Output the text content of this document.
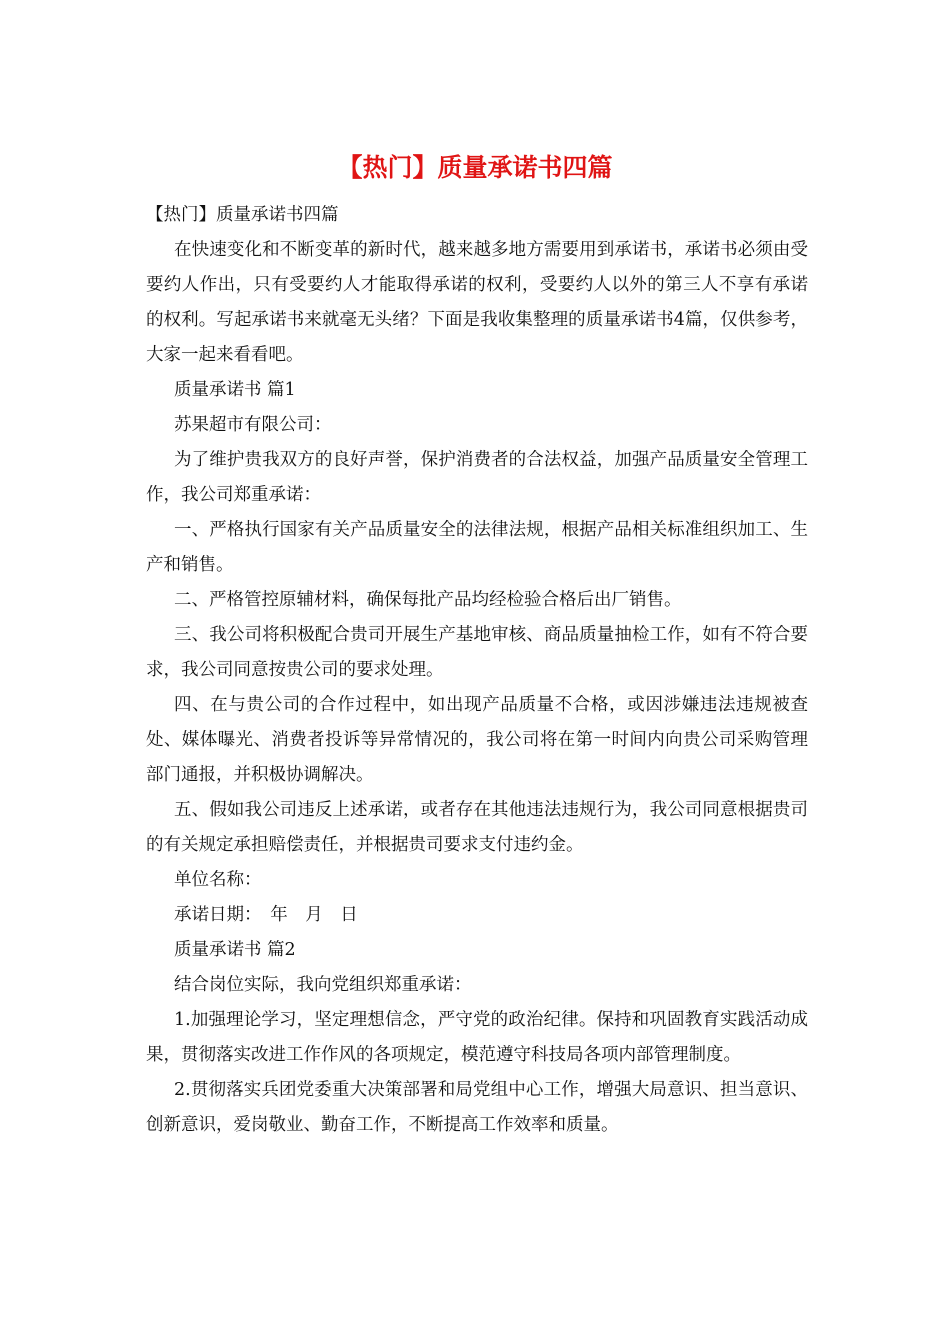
【热门】质量承诺书四篇

【热门】质量承诺书四篇

在快速变化和不断变革的新时代，越来越多地方需要用到承诺书，承诺书必须由受要约人作出，只有受要约人才能取得承诺的权利，受要约人以外的第三人不享有承诺的权利。写起承诺书来就毫无头绪？下面是我收集整理的质量承诺书4篇，仅供参考，大家一起来看看吧。

质量承诺书 篇1

苏果超市有限公司：

为了维护贵我双方的良好声誉，保护消费者的合法权益，加强产品质量安全管理工作，我公司郑重承诺：

一、严格执行国家有关产品质量安全的法律法规，根据产品相关标准组织加工、生产和销售。

二、严格管控原辅材料，确保每批产品均经检验合格后出厂销售。

三、我公司将积极配合贵司开展生产基地审核、商品质量抽检工作，如有不符合要求，我公司同意按贵公司的要求处理。

四、在与贵公司的合作过程中，如出现产品质量不合格，或因涉嫌违法违规被查处、媒体曝光、消费者投诉等异常情况的，我公司将在第一时间内向贵公司采购管理部门通报，并积极协调解决。

五、假如我公司违反上述承诺，或者存在其他违法违规行为，我公司同意根据贵司的有关规定承担赔偿责任，并根据贵司要求支付违约金。

单位名称：

承诺日期：　年　月　日

质量承诺书 篇2

结合岗位实际，我向党组织郑重承诺：

1.加强理论学习，坚定理想信念，严守党的政治纪律。保持和巩固教育实践活动成果，贯彻落实改进工作作风的各项规定，模范遵守科技局各项内部管理制度。

2.贯彻落实兵团党委重大决策部署和局党组中心工作，增强大局意识、担当意识、创新意识，爱岗敬业、勤奋工作，不断提高工作效率和质量。
